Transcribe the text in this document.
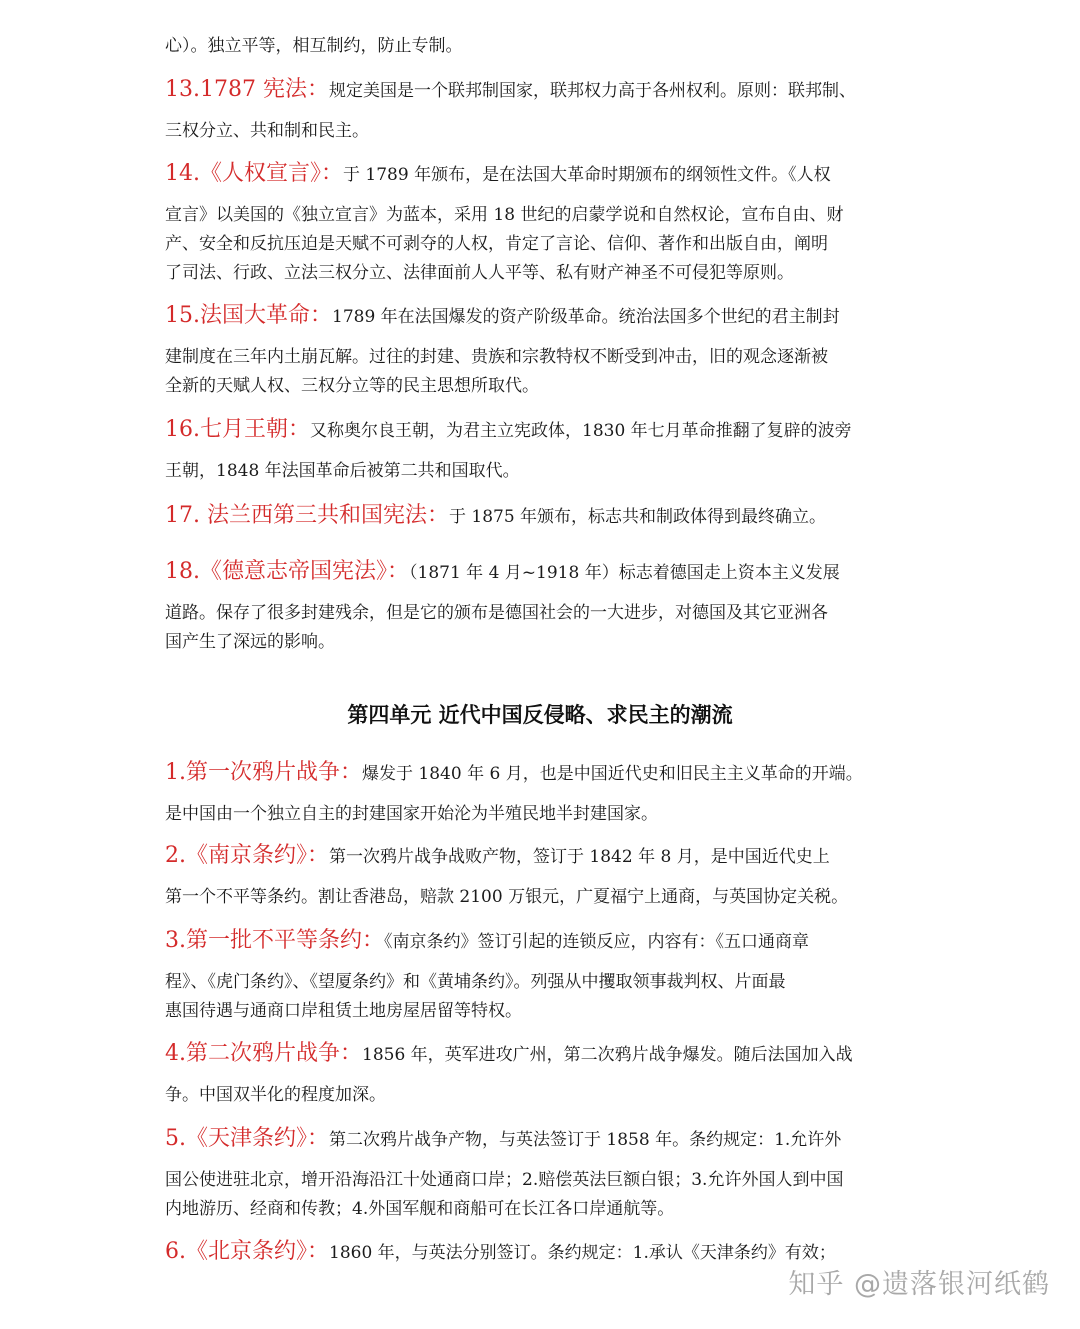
心）。独立平等，相互制约，防止专制。
13.1787 宪法：规定美国是一个联邦制国家，联邦权力高于各州权利。原则：联邦制、
三权分立、共和制和民主。
14.《人权宣言》：于 1789 年颁布，是在法国大革命时期颁布的纲领性文件。《人权
宣言》以美国的《独立宣言》为蓝本，采用 18 世纪的启蒙学说和自然权论，宣布自由、财
产、安全和反抗压迫是天赋不可剥夺的人权，肯定了言论、信仰、著作和出版自由，阐明
了司法、行政、立法三权分立、法律面前人人平等、私有财产神圣不可侵犯等原则。
15.法国大革命：1789 年在法国爆发的资产阶级革命。统治法国多个世纪的君主制封
建制度在三年内土崩瓦解。过往的封建、贵族和宗教特权不断受到冲击，旧的观念逐渐被
全新的天赋人权、三权分立等的民主思想所取代。
16.七月王朝：又称奥尔良王朝，为君主立宪政体，1830 年七月革命推翻了复辟的波旁
王朝，1848 年法国革命后被第二共和国取代。
17. 法兰西第三共和国宪法：于 1875 年颁布，标志共和制政体得到最终确立。
18.《德意志帝国宪法》：（1871 年 4 月~1918 年）标志着德国走上资本主义发展
道路。保存了很多封建残余，但是它的颁布是德国社会的一大进步，对德国及其它亚洲各
国产生了深远的影响。
第四单元 近代中国反侵略、求民主的潮流
1.第一次鸦片战争：爆发于 1840 年 6 月，也是中国近代史和旧民主主义革命的开端。
是中国由一个独立自主的封建国家开始沦为半殖民地半封建国家。
2.《南京条约》：第一次鸦片战争战败产物，签订于 1842 年 8 月，是中国近代史上
第一个不平等条约。割让香港岛，赔款 2100 万银元，广夏福宁上通商，与英国协定关税。
3.第一批不平等条约：《南京条约》签订引起的连锁反应，内容有：《五口通商章
程》、《虎门条约》、《望厦条约》和《黄埔条约》。列强从中攫取领事裁判权、片面最
惠国待遇与通商口岸租赁土地房屋居留等特权。
4.第二次鸦片战争：1856 年，英军进攻广州，第二次鸦片战争爆发。随后法国加入战
争。中国双半化的程度加深。
5.《天津条约》：第二次鸦片战争产物，与英法签订于 1858 年。条约规定：1.允许外
国公使进驻北京，增开沿海沿江十处通商口岸；2.赔偿英法巨额白银；3.允许外国人到中国
内地游历、经商和传教；4.外国军舰和商船可在长江各口岸通航等。
6.《北京条约》：1860 年，与英法分别签订。条约规定：1.承认《天津条约》有效；
知乎 @遗落银河纸鹤
